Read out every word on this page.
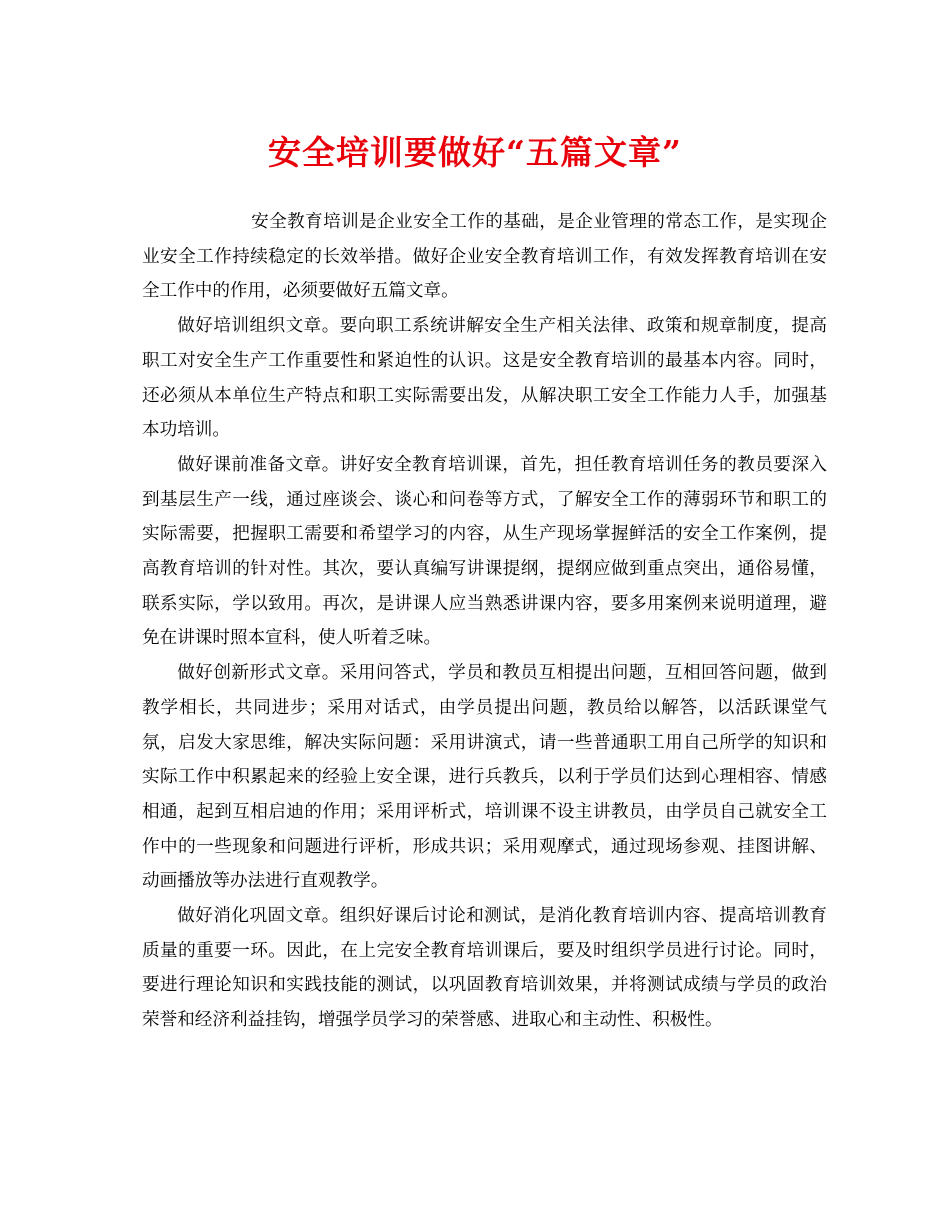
安全培训要做好“五篇文章”

安全教育培训是企业安全工作的基础，是企业管理的常态工作，是实现企业安全工作持续稳定的长效举措。做好企业安全教育培训工作，有效发挥教育培训在安全工作中的作用，必须要做好五篇文章。

做好培训组织文章。要向职工系统讲解安全生产相关法律、政策和规章制度，提高职工对安全生产工作重要性和紧迫性的认识。这是安全教育培训的最基本内容。同时，还必须从本单位生产特点和职工实际需要出发，从解决职工安全工作能力人手，加强基本功培训。

做好课前准备文章。讲好安全教育培训课，首先，担任教育培训任务的教员要深入到基层生产一线，通过座谈会、谈心和问卷等方式，了解安全工作的薄弱环节和职工的实际需要，把握职工需要和希望学习的内容，从生产现场掌握鲜活的安全工作案例，提高教育培训的针对性。其次，要认真编写讲课提纲，提纲应做到重点突出，通俗易懂，联系实际，学以致用。再次，是讲课人应当熟悉讲课内容，要多用案例来说明道理，避免在讲课时照本宣科，使人听着乏味。

做好创新形式文章。采用问答式，学员和教员互相提出问题，互相回答问题，做到教学相长，共同进步；采用对话式，由学员提出问题，教员给以解答，以活跃课堂气氛，启发大家思维，解决实际问题：采用讲演式，请一些普通职工用自己所学的知识和实际工作中积累起来的经验上安全课，进行兵教兵，以利于学员们达到心理相容、情感相通，起到互相启迪的作用；采用评析式，培训课不设主讲教员，由学员自己就安全工作中的一些现象和问题进行评析，形成共识；采用观摩式，通过现场参观、挂图讲解、动画播放等办法进行直观教学。

做好消化巩固文章。组织好课后讨论和测试，是消化教育培训内容、提高培训教育质量的重要一环。因此，在上完安全教育培训课后，要及时组织学员进行讨论。同时，要进行理论知识和实践技能的测试，以巩固教育培训效果，并将测试成绩与学员的政治荣誉和经济利益挂钩，增强学员学习的荣誉感、进取心和主动性、积极性。
